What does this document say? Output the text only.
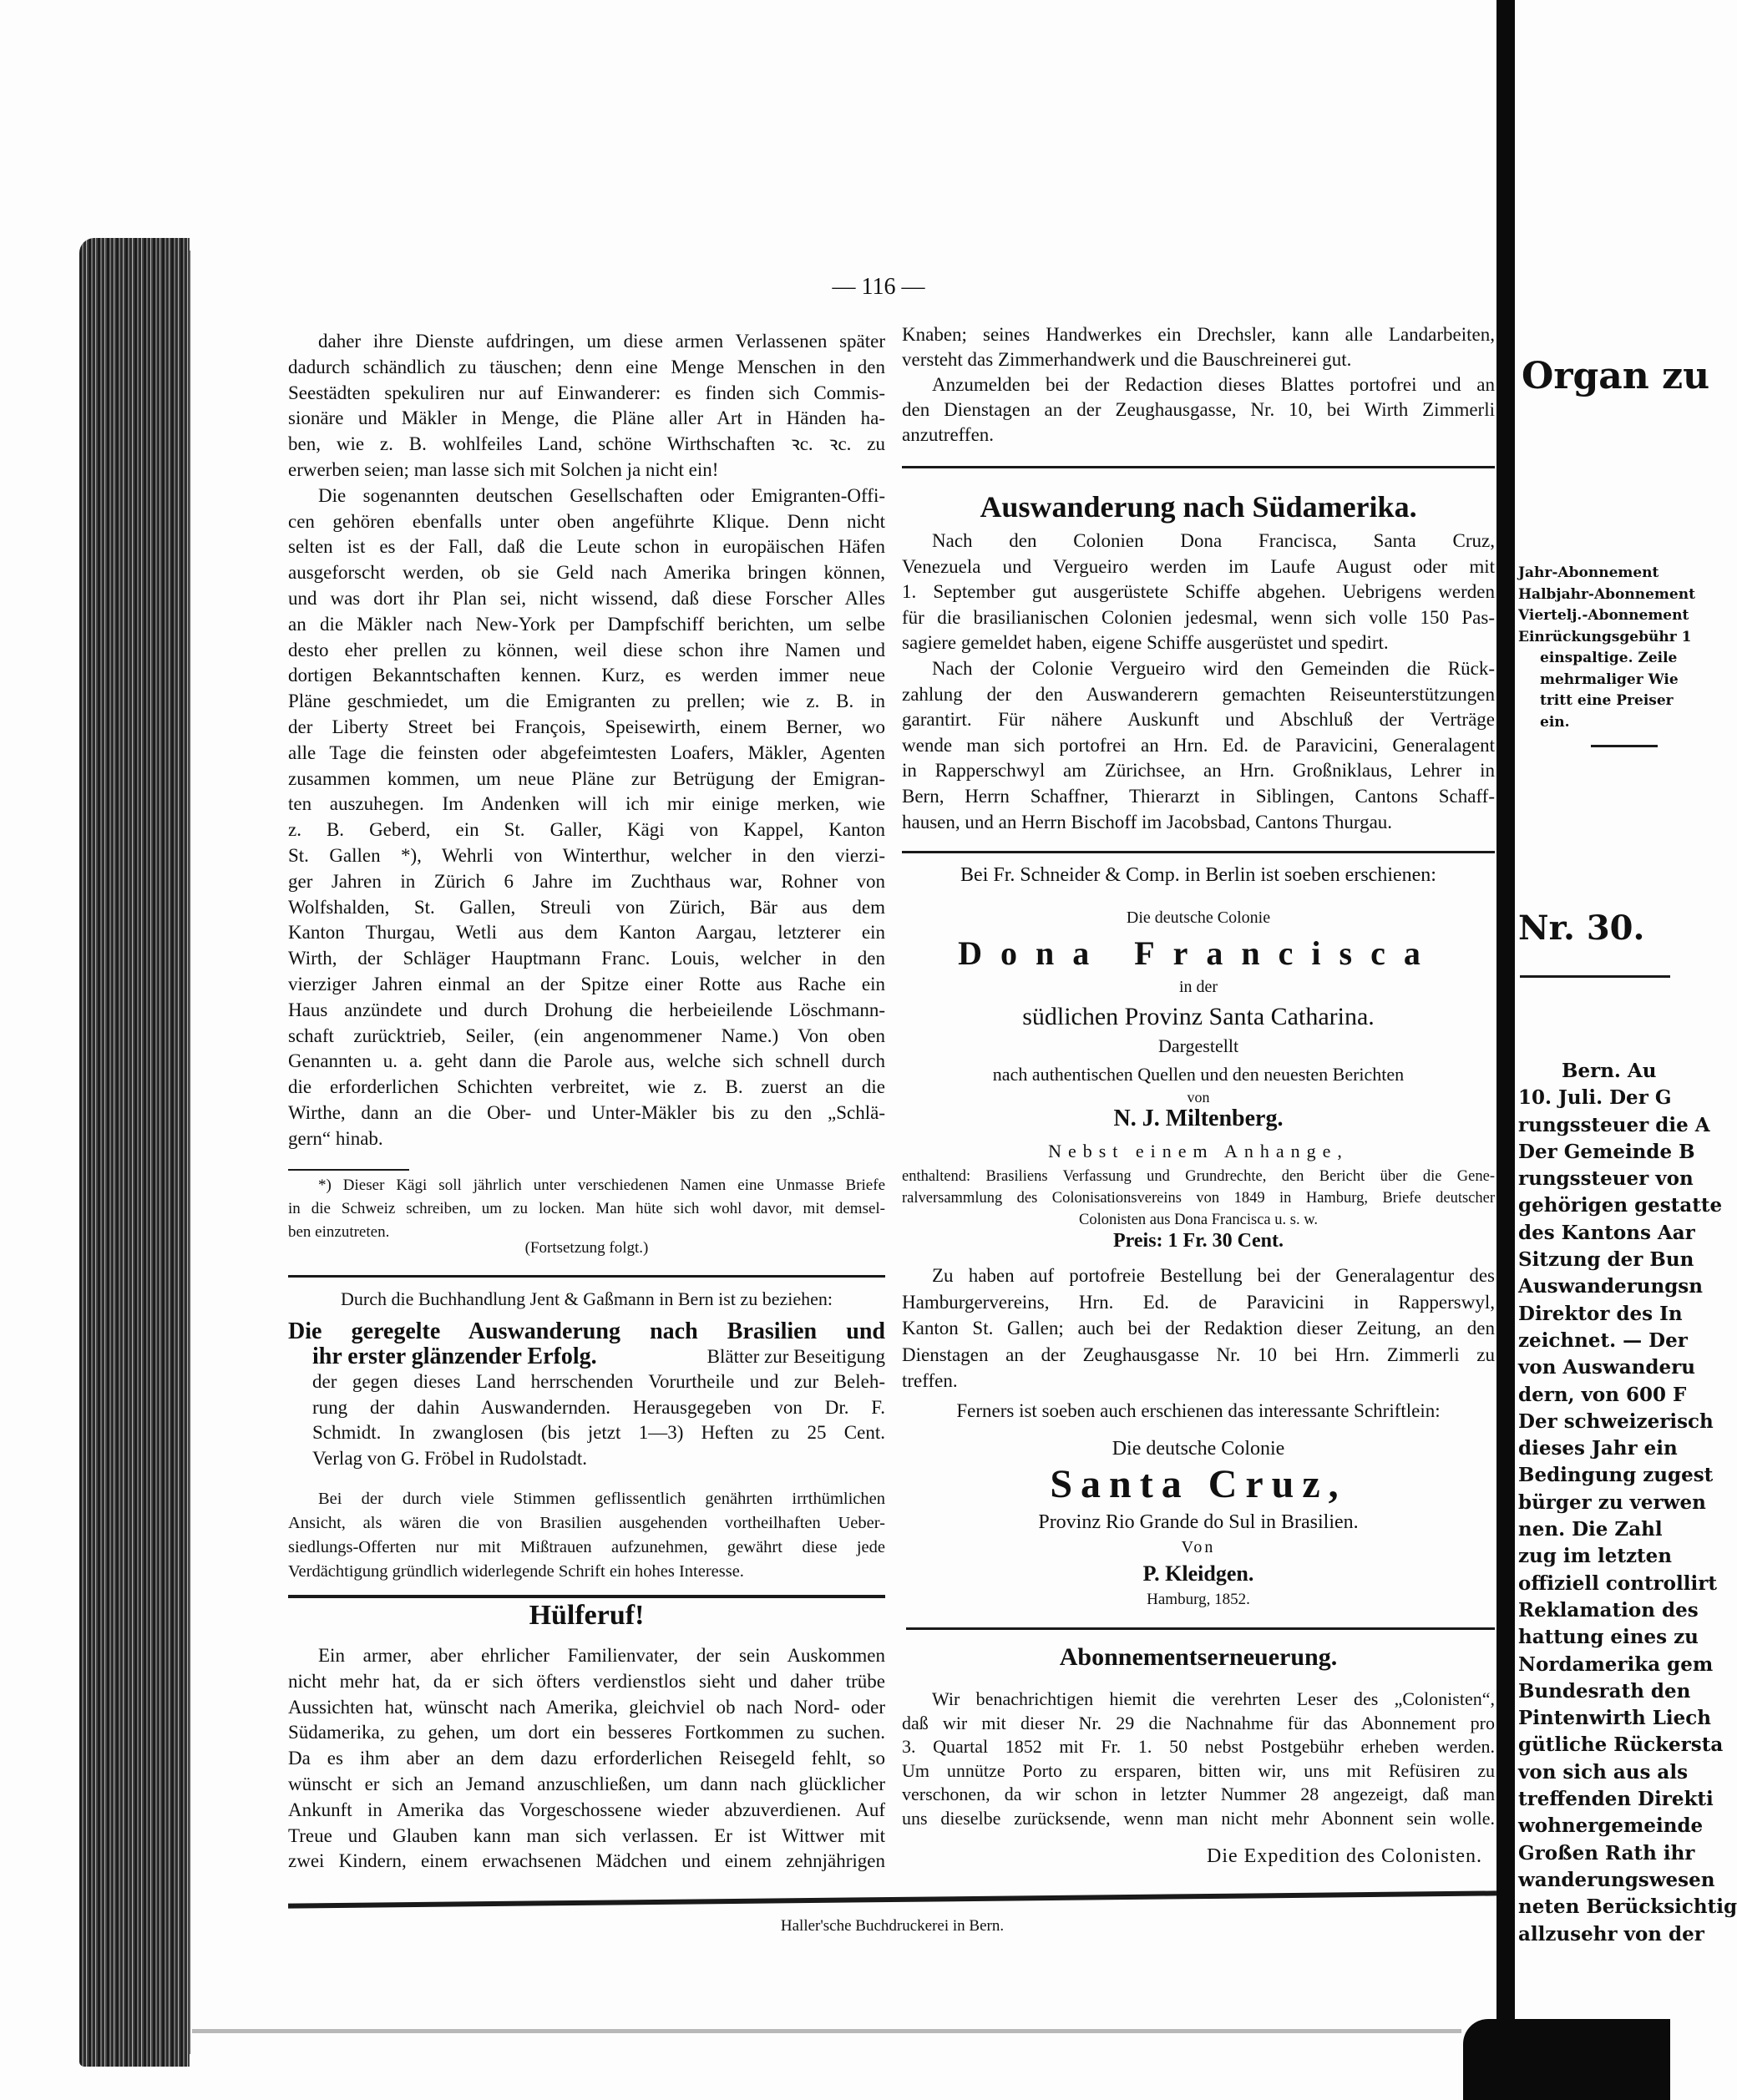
— 116 —
daher ihre Dienste aufdringen, um diese armen Verlassenen später
dadurch schändlich zu täuschen; denn eine Menge Menschen in den
Seestädten spekuliren nur auf Einwanderer: es finden sich Commis-
sionäre und Mäkler in Menge, die Pläne aller Art in Händen ha-
ben, wie z. B. wohlfeiles Land, schöne Wirthschaften ꝛc. ꝛc. zu
erwerben seien; man lasse sich mit Solchen ja nicht ein!
Die sogenannten deutschen Gesellschaften oder Emigranten-Offi-
cen gehören ebenfalls unter oben angeführte Klique. Denn nicht
selten ist es der Fall, daß die Leute schon in europäischen Häfen
ausgeforscht werden, ob sie Geld nach Amerika bringen können,
und was dort ihr Plan sei, nicht wissend, daß diese Forscher Alles
an die Mäkler nach New-York per Dampfschiff berichten, um selbe
desto eher prellen zu können, weil diese schon ihre Namen und
dortigen Bekanntschaften kennen. Kurz, es werden immer neue
Pläne geschmiedet, um die Emigranten zu prellen; wie z. B. in
der Liberty Street bei François, Speisewirth, einem Berner, wo
alle Tage die feinsten oder abgefeimtesten Loafers, Mäkler, Agenten
zusammen kommen, um neue Pläne zur Betrügung der Emigran-
ten auszuhegen. Im Andenken will ich mir einige merken, wie
z. B. Geberd, ein St. Galler, Kägi von Kappel, Kanton
St. Gallen *), Wehrli von Winterthur, welcher in den vierzi-
ger Jahren in Zürich 6 Jahre im Zuchthaus war, Rohner von
Wolfshalden, St. Gallen, Streuli von Zürich, Bär aus dem
Kanton Thurgau, Wetli aus dem Kanton Aargau, letzterer ein
Wirth, der Schläger Hauptmann Franc. Louis, welcher in den
vierziger Jahren einmal an der Spitze einer Rotte aus Rache ein
Haus anzündete und durch Drohung die herbeieilende Löschmann-
schaft zurücktrieb, Seiler, (ein angenommener Name.) Von oben
Genannten u. a. geht dann die Parole aus, welche sich schnell durch
die erforderlichen Schichten verbreitet, wie z. B. zuerst an die
Wirthe, dann an die Ober- und Unter-Mäkler bis zu den „Schlä-
gern“ hinab.
*) Dieser Kägi soll jährlich unter verschiedenen Namen eine Unmasse Briefe
in die Schweiz schreiben, um zu locken. Man hüte sich wohl davor, mit demsel-
ben einzutreten.
(Fortsetzung folgt.)
Durch die Buchhandlung Jent & Gaßmann in Bern ist zu beziehen:
Die geregelte Auswanderung nach Brasilien und
ihr erster glänzender Erfolg.	Blätter zur Beseitigung
der gegen dieses Land herrschenden Vorurtheile und zur Beleh-
rung der dahin Auswandernden. Herausgegeben von Dr. F.
Schmidt. In zwanglosen (bis jetzt 1—3) Heften zu 25 Cent.
Verlag von G. Fröbel in Rudolstadt.
Bei der durch viele Stimmen geflissentlich genährten irrthümlichen
Ansicht, als wären die von Brasilien ausgehenden vortheilhaften Ueber-
siedlungs-Offerten nur mit Mißtrauen aufzunehmen, gewährt diese jede
Verdächtigung gründlich widerlegende Schrift ein hohes Interesse.
Hülferuf!
Ein armer, aber ehrlicher Familienvater, der sein Auskommen
nicht mehr hat, da er sich öfters verdienstlos sieht und daher trübe
Aussichten hat, wünscht nach Amerika, gleichviel ob nach Nord- oder
Südamerika, zu gehen, um dort ein besseres Fortkommen zu suchen.
Da es ihm aber an dem dazu erforderlichen Reisegeld fehlt, so
wünscht er sich an Jemand anzuschließen, um dann nach glücklicher
Ankunft in Amerika das Vorgeschossene wieder abzuverdienen. Auf
Treue und Glauben kann man sich verlassen. Er ist Wittwer mit
zwei Kindern, einem erwachsenen Mädchen und einem zehnjährigen
Knaben; seines Handwerkes ein Drechsler, kann alle Landarbeiten,
versteht das Zimmerhandwerk und die Bauschreinerei gut.
Anzumelden bei der Redaction dieses Blattes portofrei und an
den Dienstagen an der Zeughausgasse, Nr. 10, bei Wirth Zimmerli
anzutreffen.
Auswanderung nach Südamerika.
Nach den Colonien Dona Francisca, Santa Cruz,
Venezuela und Vergueiro werden im Laufe August oder mit
1. September gut ausgerüstete Schiffe abgehen. Uebrigens werden
für die brasilianischen Colonien jedesmal, wenn sich volle 150 Pas-
sagiere gemeldet haben, eigene Schiffe ausgerüstet und spedirt.
Nach der Colonie Vergueiro wird den Gemeinden die Rück-
zahlung der den Auswanderern gemachten Reiseunterstützungen
garantirt. Für nähere Auskunft und Abschluß der Verträge
wende man sich portofrei an Hrn. Ed. de Paravicini, Generalagent
in Rapperschwyl am Zürichsee, an Hrn. Großniklaus, Lehrer in
Bern, Herrn Schaffner, Thierarzt in Siblingen, Cantons Schaff-
hausen, und an Herrn Bischoff im Jacobsbad, Cantons Thurgau.
Bei Fr. Schneider & Comp. in Berlin ist soeben erschienen:
Die deutsche Colonie
Dona Francisca
in der
südlichen Provinz Santa Catharina.
Dargestellt
nach authentischen Quellen und den neuesten Berichten
von
N. J. Miltenberg.
Nebst einem Anhange,
enthaltend: Brasiliens Verfassung und Grundrechte, den Bericht über die Gene-
ralversammlung des Colonisationsvereins von 1849 in Hamburg, Briefe deutscher
Colonisten aus Dona Francisca u. s. w.
Preis: 1 Fr. 30 Cent.
Zu haben auf portofreie Bestellung bei der Generalagentur des
Hamburgervereins, Hrn. Ed. de Paravicini in Rapperswyl,
Kanton St. Gallen; auch bei der Redaktion dieser Zeitung, an den
Dienstagen an der Zeughausgasse Nr. 10 bei Hrn. Zimmerli zu
treffen.
Ferners ist soeben auch erschienen das interessante Schriftlein:
Die deutsche Colonie
Santa Cruz,
Provinz Rio Grande do Sul in Brasilien.
Von
P. Kleidgen.
Hamburg, 1852.
Abonnementserneuerung.
Wir benachrichtigen hiemit die verehrten Leser des „Colonisten“,
daß wir mit dieser Nr. 29 die Nachnahme für das Abonnement pro
3. Quartal 1852 mit Fr. 1. 50 nebst Postgebühr erheben werden.
Um unnütze Porto zu ersparen, bitten wir, uns mit Refüsiren zu
verschonen, da wir schon in letzter Nummer 28 angezeigt, daß man
uns dieselbe zurücksende, wenn man nicht mehr Abonnent sein wolle.
Die Expedition des Colonisten.
Haller'sche Buchdruckerei in Bern.
Organ zu
Jahr-Abonnement
Halbjahr-Abonnement
Viertelj.-Abonnement
Einrückungsgebühr 1
einspaltige. Zeile
mehrmaliger Wie
tritt eine Preiser
ein.
Nr. 30.
Bern. Au
10. Juli. Der G
rungssteuer die A
Der Gemeinde B
rungssteuer von
gehörigen gestatte
des Kantons Aar
Sitzung der Bun
Auswanderungsn
Direktor des In
zeichnet. — Der
von Auswanderu
dern, von 600 F
Der schweizerisch
dieses Jahr ein
Bedingung zugest
bürger zu verwen
nen. Die Zahl
zug im letzten
offiziell controllirt
Reklamation des
hattung eines zu
Nordamerika gem
Bundesrath den
Pintenwirth Liech
gütliche Rückersta
von sich aus als
treffenden Direkti
wohnergemeinde
Großen Rath ihr
wanderungswesen
neten Berücksichtig
allzusehr von der
